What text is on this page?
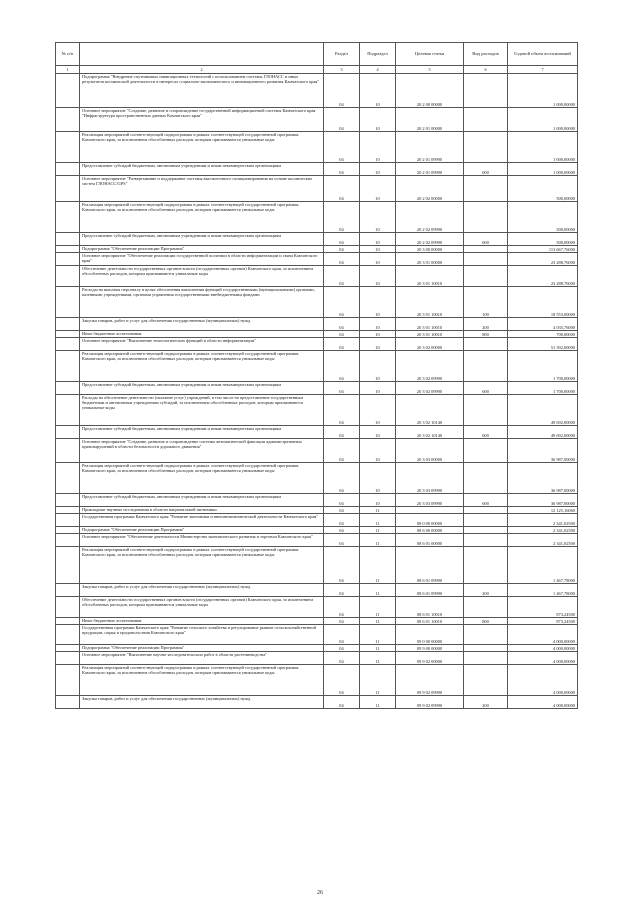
№ п/п		Раздел	Подраздел	Целевая статья	Вид расходов	Годовой объем ассигнований
1	2	3	4	5	6	7
	Подпрограмма "Внедрение спутниковых навигационных технологий с использованием системы ГЛОНАСС и иных результатов космической деятельности в интересах социально-экономического и инновационного развития Камчатского края"	04	10	20 2 00 00000		1 000,00000
	Основное мероприятие "Создание, развитие и сопровождение государственной информационной системы Камчатского края "Инфраструктура пространственных данных Камчатского края"	04	10	20 2 01 00000		1 000,00000
	Реализация мероприятий соответствующей подпрограммы в рамках соответствующей государственной программы Камчатского края, за исключением обособленных расходов, которым присваиваются уникальные коды	04	10	20 2 01 09990		1 000,00000
	Предоставление субсидий бюджетным, автономным учреждениям и иным некоммерческим организациям	04	10	20 2 01 09990	600	1 000,00000
	Основное мероприятие "Развертывание и поддержание системы высокоточного позиционирования на основе космических систем ГЛОНАСС/GPS"	04	10	20 2 02 00000		500,00000
	Реализация мероприятий соответствующей подпрограммы в рамках соответствующей государственной программы Камчатского края, за исключением обособленных расходов, которым присваиваются уникальные коды	04	10	20 2 02 09990		500,00000
	Предоставление субсидий бюджетным, автономным учреждениям и иным некоммерческим организациям	04	10	20 2 02 09990	600	500,00000
	Подпрограмма "Обеспечение реализации Программы"	04	10	20 3 00 00000		113 667,76000
	Основное мероприятие "Обеспечение реализации государственной политики в области информатизации и связи Камчатского края"	04	10	20 3 01 00000		23 288,76000
	Обеспечение деятельности государственных органов власти (государственных органов) Камчатского края, за исключением обособленных расходов, которым присваиваются уникальные коды	04	10	20 3 01 10010		23 288,76000
	Расходы на выплаты персоналу в целях обеспечения выполнения функций государственными (муниципальными) органами, казенными учреждениями, органами управления государственными внебюджетными фондами	04	10	20 3 01 10010	100	18 553,00000
	Закупка товаров, работ и услуг для обеспечения государственных (муниципальных) нужд	04	10	20 3 01 10010	200	4 035,76000
	Иные бюджетные ассигнования	04	10	20 3 01 10010	800	700,00000
	Основное мероприятие "Выполнение технологических функций в области информатизации"	04	10	20 3 02 00000		51 392,00000
	Реализация мероприятий соответствующей подпрограммы в рамках соответствующей государственной программы Камчатского края, за исключением обособленных расходов, которым присваиваются уникальные коды	04	10	20 3 02 09990		1 700,00000
	Предоставление субсидий бюджетным, автономным учреждениям и иным некоммерческим организациям	04	10	20 3 02 09990	600	1 700,00000
	Расходы на обеспечение деятельности (оказание услуг) учреждений, в том числе на предоставление государственным бюджетным и автономным учреждениям субсидий, за исключением обособленных расходов, которым присваиваются уникальные коды	04	10	20 3 02 10140		49 692,00000
	Предоставление субсидий бюджетным, автономным учреждениям и иным некоммерческим организациям	04	10	20 3 02 10140	600	49 692,00000
	Основное мероприятие "Создание, развитие и сопровождение системы автоматической фиксации административных правонарушений в области безопасности дорожного движения"	04	10	20 3 03 00000		36 987,00000
	Реализация мероприятий соответствующей подпрограммы в рамках соответствующей государственной программы Камчатского края, за исключением обособленных расходов, которым присваиваются уникальные коды	04	10	20 3 03 09990		36 987,00000
	Предоставление субсидий бюджетным, автономным учреждениям и иным некоммерческим организациям	04	10	20 3 03 09990	600	36 987,00000
	Прикладные научные исследования в области национальной экономики	04	11			12 125,16060
	Государственная программа Камчатского края "Развитие экономики и внешнеэкономической деятельности Камчатского края"	04	11	08 0 00 00000		2 341,02500
	Подпрограмма "Обеспечение реализации Программы"	04	11	08 6 00 00000		2 341,02500
	Основное мероприятие "Обеспечение деятельности Министерства экономического развития и торговли Камчатского края"	04	11	08 6 01 00000		2 341,02500
	Реализация мероприятий соответствующей подпрограммы в рамках соответствующей государственной программы Камчатского края, за исключением обособленных расходов, которым присваиваются уникальные коды	04	11	08 6 01 09990		1 467,78000
	Закупка товаров, работ и услуг для обеспечения государственных (муниципальных) нужд	04	11	08 6 01 09990	200	1 467,78000
	Обеспечение деятельности государственных органов власти (государственных органов) Камчатского края, за исключением обособленных расходов, которым присваиваются уникальные коды	04	11	08 6 01 10010		873,24500
	Иные бюджетные ассигнования	04	11	08 6 01 10010	800	873,24500
	Государственная программа Камчатского края "Развитие сельского хозяйства и регулирование рынков сельскохозяйственной продукции, сырья и продовольствия Камчатского края"	04	11	09 0 00 00000		4 000,00000
	Подпрограмма "Обеспечение реализации Программы"	04	11	09 9 00 00000		4 000,00000
	Основное мероприятие "Выполнение научно-исследовательских работ в области растениеводства"	04	11	09 9 02 00000		4 000,00000
	Реализация мероприятий соответствующей подпрограммы в рамках соответствующей государственной программы Камчатского края, за исключением обособленных расходов, которым присваиваются уникальные коды	04	11	09 9 02 09990		4 000,00000
	Закупка товаров, работ и услуг для обеспечения государственных (муниципальных) нужд	04	11	09 9 02 09990	200	4 000,00000
26
